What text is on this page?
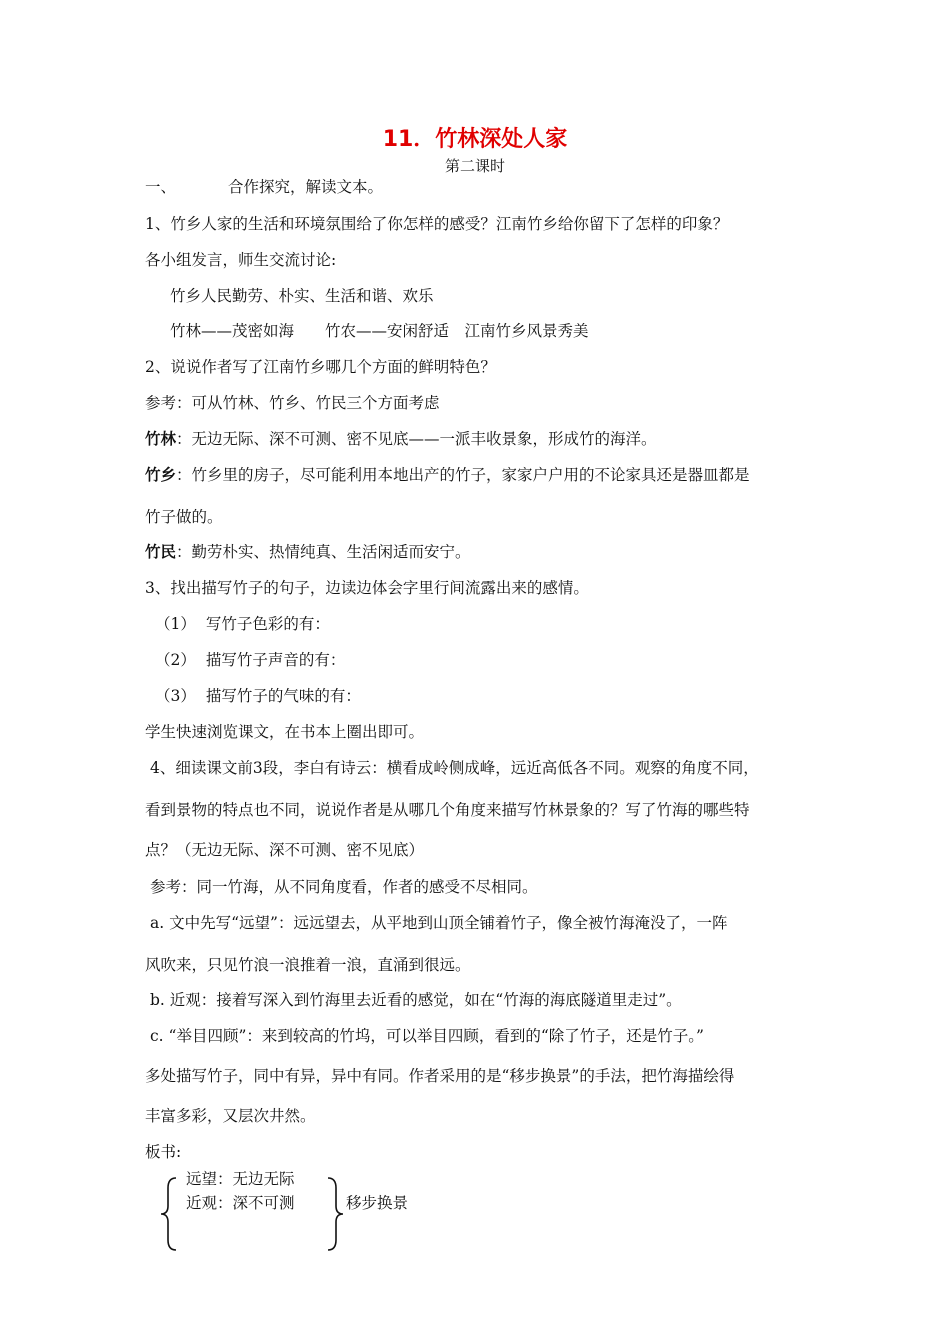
11．竹林深处人家
第二课时
一、	合作探究，解读文本。
1、竹乡人家的生活和环境氛围给了你怎样的感受？江南竹乡给你留下了怎样的印象？
各小组发言，师生交流讨论:
竹乡人民勤劳、朴实、生活和谐、欢乐
竹林——茂密如海　　竹农——安闲舒适　江南竹乡风景秀美
2、说说作者写了江南竹乡哪几个方面的鲜明特色？
参考：可从竹林、竹乡、竹民三个方面考虑
竹林：无边无际、深不可测、密不见底——一派丰收景象，形成竹的海洋。
竹乡：竹乡里的房子，尽可能利用本地出产的竹子，家家户户用的不论家具还是器皿都是
竹子做的。
竹民：勤劳朴实、热情纯真、生活闲适而安宁。
3、找出描写竹子的句子，边读边体会字里行间流露出来的感情。
（1） 写竹子色彩的有：
（2） 描写竹子声音的有：
（3） 描写竹子的气味的有：
学生快速浏览课文，在书本上圈出即可。
4、细读课文前3段，李白有诗云：横看成岭侧成峰，远近高低各不同。观察的角度不同，
看到景物的特点也不同，说说作者是从哪几个角度来描写竹林景象的？写了竹海的哪些特
点？（无边无际、深不可测、密不见底）
参考：同一竹海，从不同角度看，作者的感受不尽相同。
a. 文中先写“远望”：远远望去，从平地到山顶全铺着竹子，像全被竹海淹没了，一阵
风吹来，只见竹浪一浪推着一浪，直涌到很远。
b. 近观：接着写深入到竹海里去近看的感觉，如在“竹海的海底隧道里走过”。
c. “举目四顾”：来到较高的竹坞，可以举目四顾，看到的“除了竹子，还是竹子。”
多处描写竹子，同中有异，异中有同。作者采用的是“移步换景”的手法，把竹海描绘得
丰富多彩，又层次井然。
板书:
远望：无边无际
近观：深不可测	移步换景
